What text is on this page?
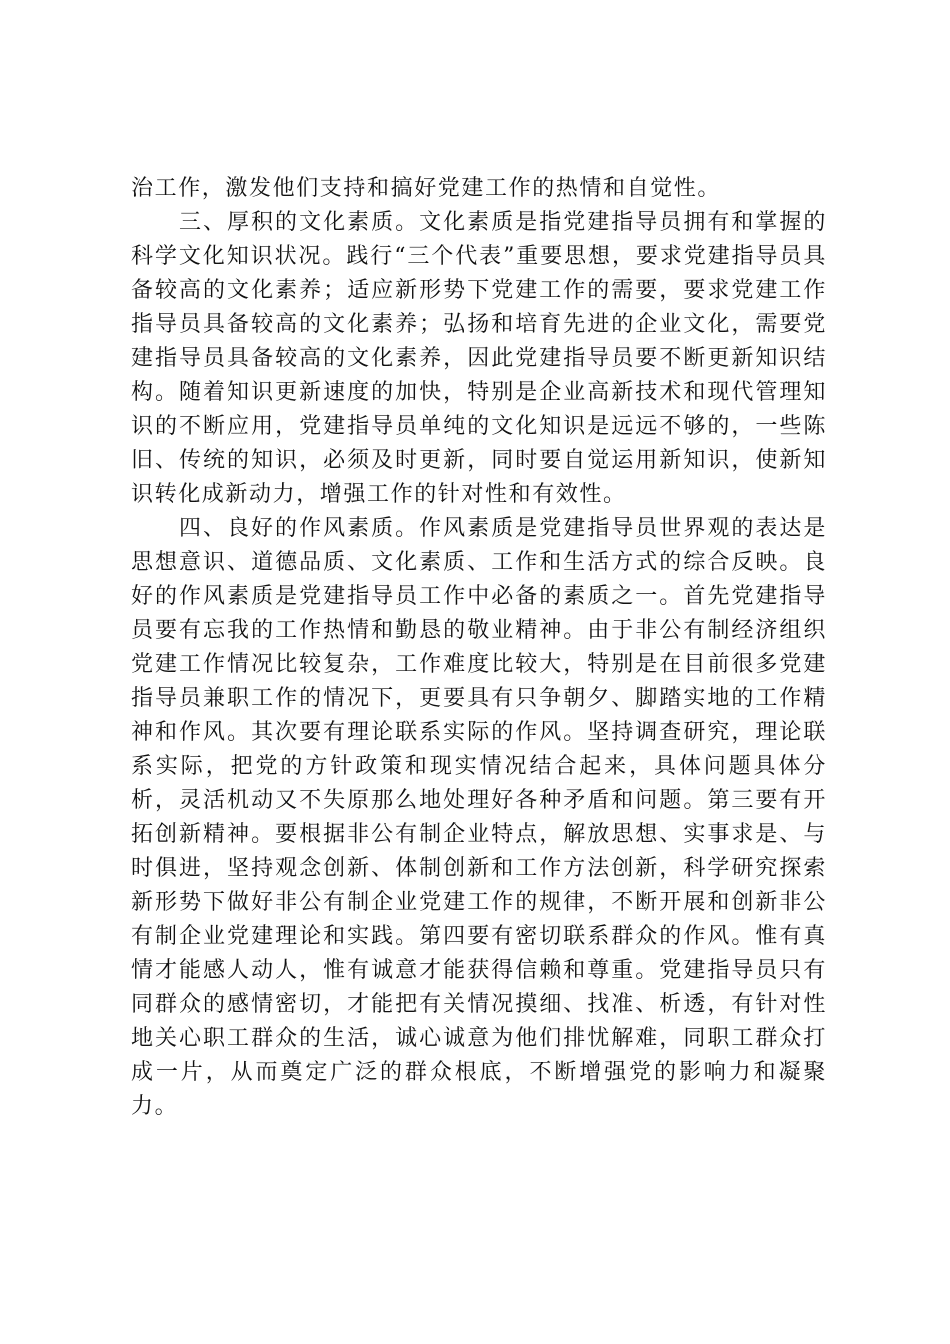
治工作，激发他们支持和搞好党建工作的热情和自觉性。

三、厚积的文化素质。文化素质是指党建指导员拥有和掌握的科学文化知识状况。践行“三个代表”重要思想，要求党建指导员具备较高的文化素养；适应新形势下党建工作的需要，要求党建工作指导员具备较高的文化素养；弘扬和培育先进的企业文化，需要党建指导员具备较高的文化素养，因此党建指导员要不断更新知识结构。随着知识更新速度的加快，特别是企业高新技术和现代管理知识的不断应用，党建指导员单纯的文化知识是远远不够的，一些陈旧、传统的知识，必须及时更新，同时要自觉运用新知识，使新知识转化成新动力，增强工作的针对性和有效性。

四、良好的作风素质。作风素质是党建指导员世界观的表达是思想意识、道德品质、文化素质、工作和生活方式的综合反映。良好的作风素质是党建指导员工作中必备的素质之一。首先党建指导员要有忘我的工作热情和勤恳的敬业精神。由于非公有制经济组织党建工作情况比较复杂，工作难度比较大，特别是在目前很多党建指导员兼职工作的情况下，更要具有只争朝夕、脚踏实地的工作精神和作风。其次要有理论联系实际的作风。坚持调查研究，理论联系实际，把党的方针政策和现实情况结合起来，具体问题具体分析，灵活机动又不失原那么地处理好各种矛盾和问题。第三要有开拓创新精神。要根据非公有制企业特点，解放思想、实事求是、与时俱进，坚持观念创新、体制创新和工作方法创新，科学研究探索新形势下做好非公有制企业党建工作的规律，不断开展和创新非公有制企业党建理论和实践。第四要有密切联系群众的作风。惟有真情才能感人动人，惟有诚意才能获得信赖和尊重。党建指导员只有同群众的感情密切，才能把有关情况摸细、找准、析透，有针对性地关心职工群众的生活，诚心诚意为他们排忧解难，同职工群众打成一片，从而奠定广泛的群众根底，不断增强党的影响力和凝聚力。
